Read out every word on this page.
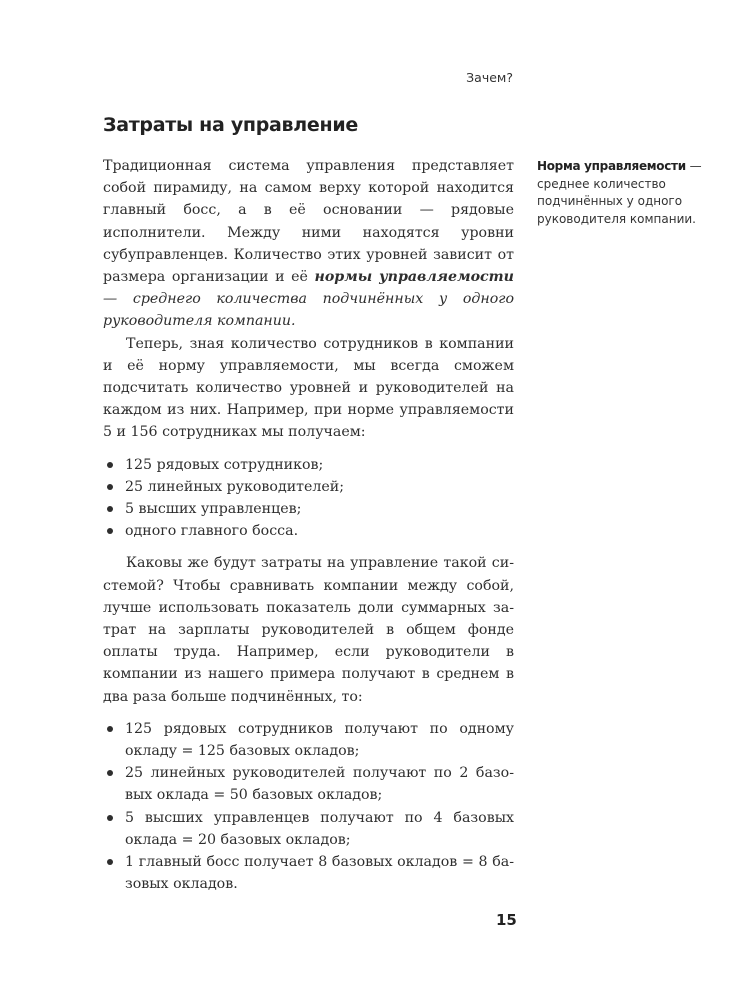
Зачем?
Затраты на управление

Традиционная система управления представляет собой пирамиду, на самом верху которой находится главный босс, а в её основании — рядовые исполнители. Между ними находятся уровни субуправленцев. Количество этих уровней зависит от размера организации и её нормы управляемости — среднего количества подчинённых у одного руководителя компании.

Теперь, зная количество сотрудников в компании и её норму управляемости, мы всегда сможем подсчитать количество уровней и руководителей на каждом из них. Например, при норме управляемости 5 и 156 сотрудниках мы получаем:

125 рядовых сотрудников;
25 линейных руководителей;
5 высших управленцев;
одного главного босса.

Каковы же будут затраты на управление такой системой? Чтобы сравнивать компании между собой, лучше использовать показатель доли суммарных затрат на зарплаты руководителей в общем фонде оплаты труда. Например, если руководители в компании из нашего примера получают в среднем в два раза больше подчинённых, то:

125 рядовых сотрудников получают по одному окладу = 125 базовых окладов;
25 линейных руководителей получают по 2 базовых оклада = 50 базовых окладов;
5 высших управленцев получают по 4 базовых оклада = 20 базовых окладов;
1 главный босс получает 8 базовых окладов = 8 базовых окладов.
Норма управляемости — среднее количество подчинённых у одного руководителя компании.
15
